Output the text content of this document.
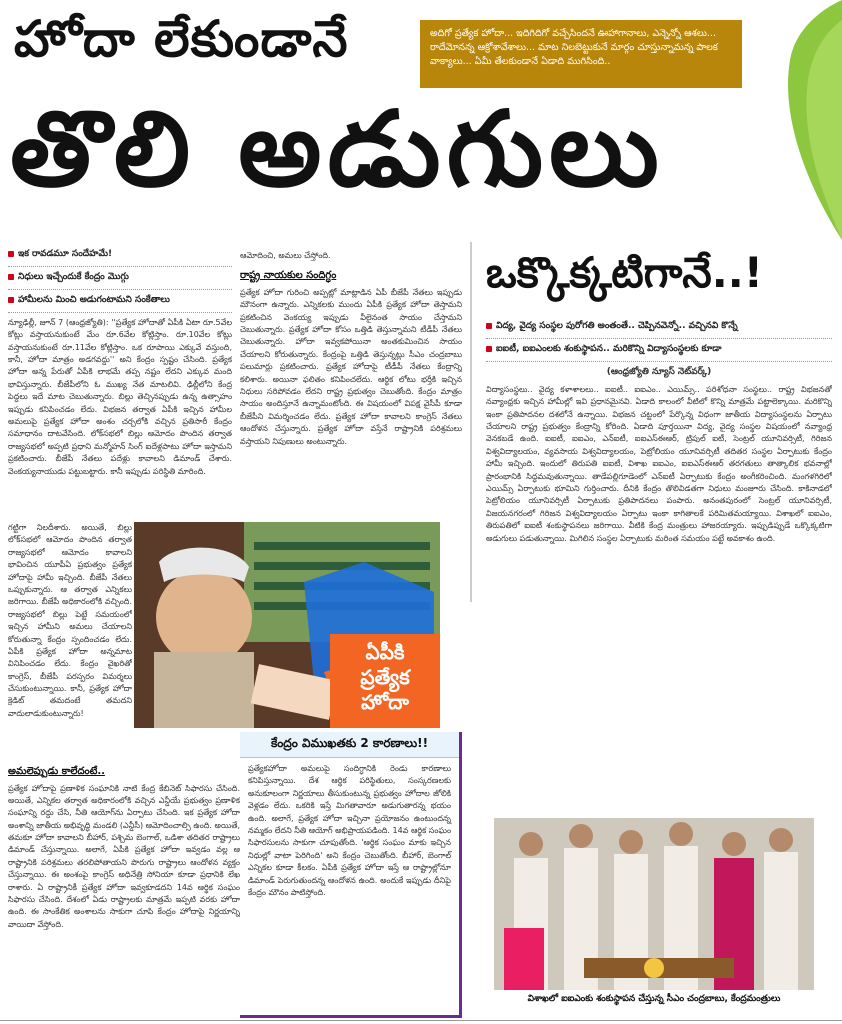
హోదా లేకుండానే	అదిగో ప్రత్యేక హోదా... ఇదిగిదిగో వచ్చేసిందనే ఊహాగానాలు, ఎన్నెన్నో ఆశలు... రాదేమోనన్న ఆక్రోశావేశాలు... మాట నిలబెట్టుకునే మార్గం చూస్తున్నామన్న పాలక వాక్యాలు... ఏమీ తేలకుండానే ఏడాది ముగిసింది..
తొలి అడుగులు
ఇక రావడమూ సందేహమే!
నిధులు ఇచ్చేందుకే కేంద్రం మొగ్గు
హామీలను మించి అడుగంటామని సంకేతాలు

న్యూఢిల్లీ, జూన్ 7 (ఆంధ్రజ్యోతి): ''ప్రత్యేక హోదాతో ఏపీకి ఏటా రూ.5వేల కోట్లు వస్తాయనుకుంటే మేం రూ.6వేల కోట్లిస్తాం. రూ.10వేల కోట్లు వస్తాయనుకుంటే రూ.11వేల కోట్లిస్తాం. ఒక రూపాయి ఎక్కువే వస్తుంది, కానీ, హోదా మాత్రం అడగవద్దు'' అని కేంద్రం స్పష్టం చేసింది. ప్రత్యేక హోదా అన్న పేరుతో ఏపీకి లాభమే తప్ప నష్టం లేదని ఎక్కువ మంది భావిస్తున్నారు. బీజేపీలోని ఓ ముఖ్య నేత మాటలివి. ఢిల్లీలోని కేంద్ర పెద్దలు ఇదే మాట చెబుతున్నారు. బిల్లు తెచ్చినప్పుడు ఉన్న ఉత్సాహం ఇప్పుడు కనిపించడం లేదు. విభజన తర్వాత ఏపీకి ఇచ్చిన హామీల అమలుపై ప్రత్యేక హోదా అంశం చర్చలోకి వచ్చిన ప్రతిసారీ కేంద్రం సమాధానం దాటవేసింది. లోక్‌సభలో బిల్లు ఆమోదం పొందిన తర్వాత రాజ్యసభలో అప్పటి ప్రధాని మన్మోహన్ సింగ్ ఐదేళ్లపాటు హోదా ఇస్తామని ప్రకటించారు. బీజేపీ నేతలు పదేళ్లు కావాలని డిమాండ్ చేశారు. వెంకయ్యనాయుడు పట్టుబట్టారు. కానీ ఇప్పుడు పరిస్థితి మారింది.

గట్టిగా నిలదీశారు. అయితే, బిల్లు లోక్‌సభలో ఆమోదం పొందిన తర్వాత రాజ్యసభలో ఆమోదం కావాలని భావించిన యూపీఏ ప్రభుత్వం ప్రత్యేక హోదాపై హామీ ఇచ్చింది. బీజేపీ నేతలు ఒప్పుకున్నారు. ఆ తర్వాత ఎన్నికలు జరిగాయి. బీజేపీ అధికారంలోకి వచ్చింది. రాజ్యసభలో బిల్లు పెట్టే సమయంలో ఇచ్చిన హామీని అమలు చేయాలని కోరుతున్నా కేంద్రం స్పందించడం లేదు. ఏపీకి ప్రత్యేక హోదా అన్నమాట వినిపించడం లేదు. కేంద్రం వైఖరితో కాంగ్రెస్, బీజేపీ పరస్పరం విమర్శలు చేసుకుంటున్నాయి. కానీ, ప్రత్యేక హోదా క్రెడిట్ తమదంటే తమదని వాదులాడుకుంటున్నారు!

అమలెప్పుడు కాలేదంటే..

ప్రత్యేక హోదాపై ప్రణాళిక సంఘానికి నాటి కేంద్ర కేబినెట్ సిఫారసు చేసింది. అయితే, ఎన్నికల తర్వాత అధికారంలోకి వచ్చిన ఎన్డీయే ప్రభుత్వం ప్రణాళిక సంఘాన్ని రద్దు చేసి, నీతి ఆయోగ్‌ను ఏర్పాటు చేసింది. ఇక ప్రత్యేక హోదా అంశాన్ని జాతీయ అభివృద్ధి మండలి (ఎన్డీసీ) ఆమోదించాల్సి ఉంది. అయితే, తమకూ హోదా కావాలని బీహార్, పశ్చిమ బెంగాల్, ఒడిశా తదితర రాష్ట్రాలు డిమాండ్ చేస్తున్నాయి. అలాగే, ఏపీకి ప్రత్యేక హోదా ఇవ్వడం వల్ల ఆ రాష్ట్రానికి పరిశ్రమలు తరలిపోతాయని పొరుగు రాష్ట్రాలు ఆందోళన వ్యక్తం చేస్తున్నాయి. ఈ అంశంపై కాంగ్రెస్ అధినేత్రి సోనియా కూడా ప్రధానికి లేఖ రాశారు. ఏ రాష్ట్రానికీ ప్రత్యేక హోదా ఇవ్వకూడదని 14వ ఆర్థిక సంఘం సిఫారసు చేసింది. దేశంలో ఏడు రాష్ట్రాలకు మాత్రమే ఇప్పటి వరకు హోదా ఉంది. ఈ సాంకేతిక అంశాలను సాకుగా చూపి కేంద్రం హోదాపై నిర్ణయాన్ని వాయిదా వేస్తోంది.

ఆమోదించి, అమలు చేస్తోంది.

రాష్ట్ర నాయకుల సందిగ్ధం

ప్రత్యేక హోదా గురించి అప్పట్లో మాట్లాడిన ఏపీ బీజేపీ నేతలు ఇప్పుడు మౌనంగా ఉన్నారు. ఎన్నికలకు ముందు ఏపీకి ప్రత్యేక హోదా తెస్తామని ప్రకటించిన వెంకయ్య ఇప్పుడు వీలైనంత సాయం చేస్తామని చెబుతున్నారు. ప్రత్యేక హోదా కోసం ఒత్తిడి తెస్తున్నామని టీడీపీ నేతలు చెబుతున్నారు. హోదా ఇవ్వకపోయినా అంతకుమించిన సాయం చేయాలని కోరుతున్నారు. కేంద్రంపై ఒత్తిడి తెస్తున్నట్లు సీఎం చంద్రబాబు పలుమార్లు ప్రకటించారు. ప్రత్యేక హోదాపై టీడీపీ నేతలు కేంద్రాన్ని కలిశారు. అయినా ఫలితం కనిపించలేదు. ఆర్థిక లోటు భర్తీకి ఇచ్చిన నిధులు సరిపోవడం లేదని రాష్ట్ర ప్రభుత్వం చెబుతోంది. కేంద్రం మాత్రం సాయం అందిస్తూనే ఉన్నామంటోంది. ఈ విషయంలో విపక్ష వైసీపీ కూడా బీజేపీని విమర్శించడం లేదు. ప్రత్యేక హోదా కావాలని కాంగ్రెస్ నేతలు ఆందోళన చేస్తున్నారు. ప్రత్యేక హోదా వస్తేనే రాష్ట్రానికి పరిశ్రమలు వస్తాయని నిపుణులు అంటున్నారు.

ఏపీకి
ప్రత్యేక
హోదా
కేంద్రం విముఖతకు 2 కారణాలు!!
ప్రత్యేకహోదా అమలుపై సందిగ్ధానికి రెండు కారణాలు కనిపిస్తున్నాయి. దేశ ఆర్థిక పరిస్థితులు, సంస్కరణలకు అనుకూలంగా నిర్ణయాలు తీసుకుంటున్న ప్రభుత్వం హోదాల జోలికి వెళ్లడం లేదు. ఒకరికి ఇస్తే మిగతావారూ అడుగుతారన్న భయం ఉంది. అలాగే, ప్రత్యేక హోదా ఇచ్చినా ప్రయోజనం ఉంటుందన్న నమ్మకం లేదని నీతి ఆయోగ్ అభిప్రాయపడింది. 14వ ఆర్థిక సంఘం సిఫారసులను సాకుగా చూపుతోంది. 'ఆర్థిక సంఘం మాకు ఇచ్చిన నిధుల్లో వాటా పెరిగింది' అని కేంద్రం చెబుతోంది. బీహార్, బెంగాల్ ఎన్నికల కూడా కీలకం. ఏపీకి ప్రత్యేక హోదా ఇస్తే ఆ రాష్ట్రాల్లోనూ డిమాండ్ పెరుగుతుందన్న ఆందోళన ఉంది. అందుకే ఇప్పుడు దీనిపై కేంద్రం మౌనం పాటిస్తోంది.
ఒక్కొక్కటిగానే..!
విద్య, వైద్య సంస్థల పురోగతి అంతంతే.. చెప్పినవెన్నో.. వచ్చినవి కొన్నే
ఐఐటీ, ఐఐఎంలకు శంకుస్థాపన.. మరికొన్ని విద్యాసంస్థలకు కూడా
(ఆంధ్రజ్యోతి న్యూస్ నెట్‌వర్క్)

విద్యాసంస్థలు.. వైద్య కళాశాలలు.. ఐఐటీ.. ఐఐఎం.. ఎయిమ్స్.. పరిశోధనా సంస్థలు.. రాష్ట్ర విభజనతో నవ్యాంధ్రకు ఇచ్చిన హామీల్లో ఇవి ప్రధానమైనవి. ఏడాది కాలంలో వీటిలో కొన్ని మాత్రమే పట్టాలెక్కాయి. మరికొన్ని ఇంకా ప్రతిపాదనల దశలోనే ఉన్నాయి. విభజన చట్టంలో పేర్కొన్న విధంగా జాతీయ విద్యాసంస్థలను ఏర్పాటు చేయాలని రాష్ట్ర ప్రభుత్వం కేంద్రాన్ని కోరింది. ఏడాది పూర్తయినా విద్య, వైద్య సంస్థల విషయంలో నవ్యాంధ్ర వెనకబడే ఉంది. ఐఐటీ, ఐఐఎం, ఎన్ఐటీ, ఐఐఎస్ఈఆర్, ట్రిపుల్ ఐటీ, సెంట్రల్ యూనివర్సిటీ, గిరిజన విశ్వవిద్యాలయం, వ్యవసాయ విశ్వవిద్యాలయం, పెట్రోలియం యూనివర్సిటీ తదితర సంస్థల ఏర్పాటుకు కేంద్రం హామీ ఇచ్చింది. ఇందులో తిరుపతి ఐఐటీ, విశాఖ ఐఐఎం, ఐఐఎస్ఈఆర్ తరగతులు తాత్కాలిక భవనాల్లో ప్రారంభానికి సిద్ధమవుతున్నాయి. తాడేపల్లిగూడెంలో ఎన్ఐటీ ఏర్పాటుకు కేంద్రం అంగీకరించింది. మంగళగిరిలో ఎయిమ్స్ ఏర్పాటుకు భూమిని గుర్తించారు. దీనికి కేంద్రం తొలివిడతగా నిధులు మంజూరు చేసింది. కాకినాడలో పెట్రోలియం యూనివర్సిటీ ఏర్పాటుకు ప్రతిపాదనలు పంపారు. అనంతపురంలో సెంట్రల్ యూనివర్సిటీ, విజయనగరంలో గిరిజన విశ్వవిద్యాలయం ఏర్పాటు ఇంకా కాగితాలకే పరిమితమయ్యాయి. విశాఖలో ఐఐఎం, తిరుపతిలో ఐఐటీ శంకుస్థాపనలు జరిగాయి. వీటికి కేంద్ర మంత్రులు హాజరయ్యారు. ఇప్పుడిప్పుడే ఒక్కొక్కటిగా అడుగులు పడుతున్నాయి. మిగిలిన సంస్థల ఏర్పాటుకు మరింత సమయం పట్టే అవకాశం ఉంది.

విశాఖలో ఐఐఎంకు శంకుస్థాపన చేస్తున్న సీఎం చంద్రబాబు, కేంద్రమంత్రులు
